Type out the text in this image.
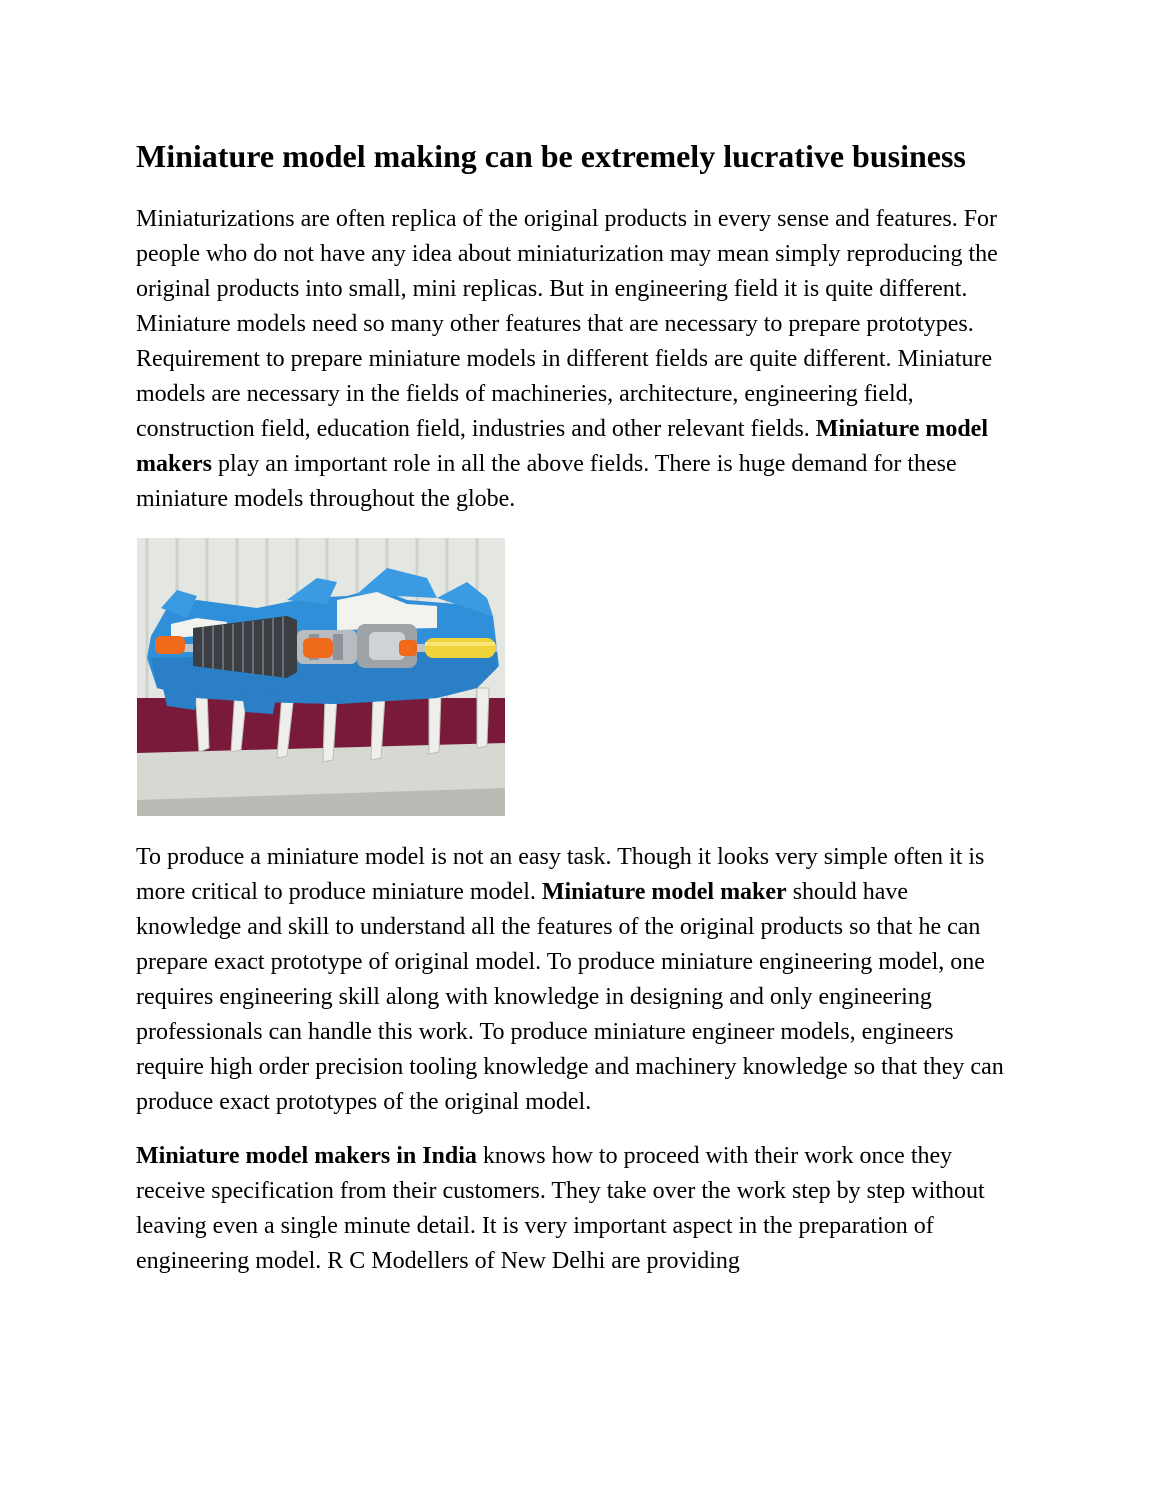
Miniature model making can be extremely lucrative business

Miniaturizations are often replica of the original products in every sense and features. For people who do not have any idea about miniaturization may mean simply reproducing the original products into small, mini replicas. But in engineering field it is quite different. Miniature models need so many other features that are necessary to prepare prototypes. Requirement to prepare miniature models in different fields are quite different. Miniature models are necessary in the fields of machineries, architecture, engineering field, construction field, education field, industries and other relevant fields. Miniature model makers play an important role in all the above fields. There is huge demand for these miniature models throughout the globe.

To produce a miniature model is not an easy task. Though it looks very simple often it is more critical to produce miniature model. Miniature model maker should have knowledge and skill to understand all the features of the original products so that he can prepare exact prototype of original model. To produce miniature engineering model, one requires engineering skill along with knowledge in designing and only engineering professionals can handle this work. To produce miniature engineer models, engineers require high order precision tooling knowledge and machinery knowledge so that they can produce exact prototypes of the original model.

Miniature model makers in India knows how to proceed with their work once they receive specification from their customers. They take over the work step by step without leaving even a single minute detail. It is very important aspect in the preparation of engineering model. R C Modellers of New Delhi are providing
